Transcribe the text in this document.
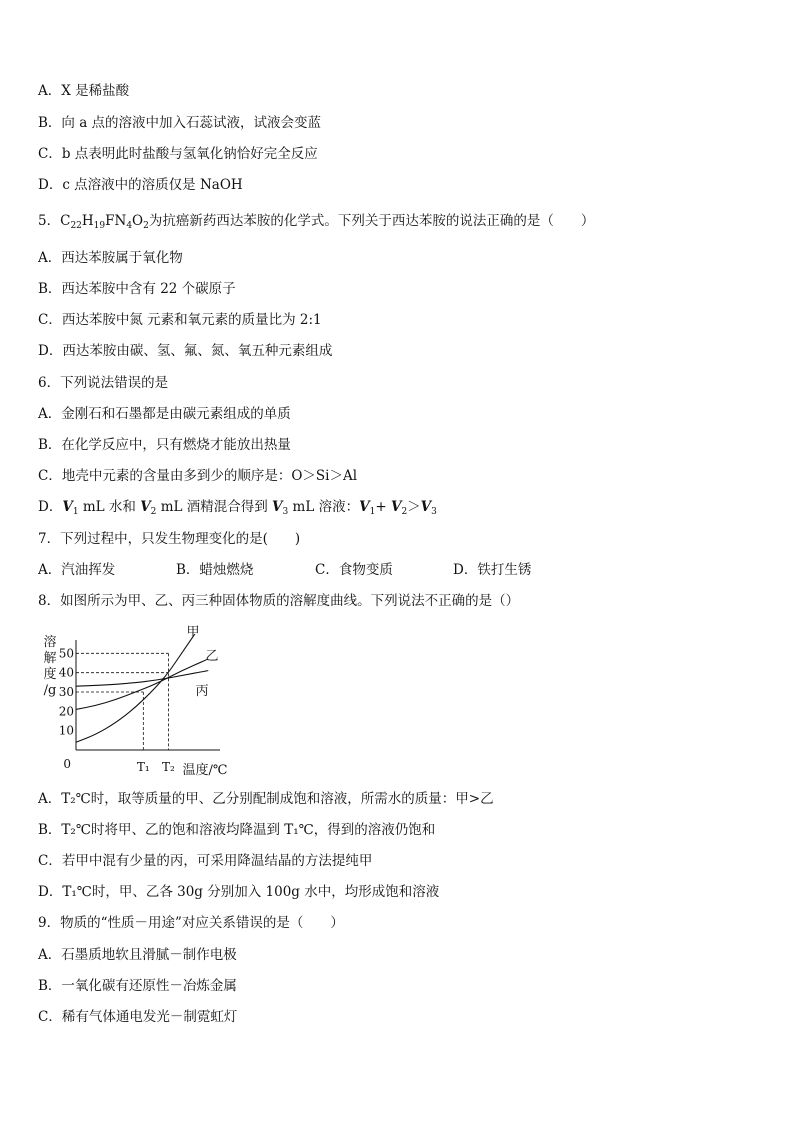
A．X 是稀盐酸
B．向 a 点的溶液中加入石蕊试液，试液会变蓝
C．b 点表明此时盐酸与氢氧化钠恰好完全反应
D．c 点溶液中的溶质仅是 NaOH
5．$C_{22}H_{19}FN_4O_2$为抗癌新药西达苯胺的化学式。下列关于西达苯胺的说法正确的是（　　）
A．西达苯胺属于氧化物
B．西达苯胺中含有 22 个碳原子
C．西达苯胺中氮 元素和氧元素的质量比为 2:1
D．西达苯胺由碳、氢、氟、氮、氧五种元素组成
6．下列说法错误的是
A．金刚石和石墨都是由碳元素组成的单质
B．在化学反应中，只有燃烧才能放出热量
C．地壳中元素的含量由多到少的顺序是：O＞Si＞Al
D．$V_1$ mL 水和 $V_2$ mL 酒精混合得到 $V_3$ mL 溶液：$V_1+ V_2>V_3$
7．下列过程中，只发生物理变化的是(　　)
A．汽油挥发	B．蜡烛燃烧	C．食物变质	D．铁打生锈
8．如图所示为甲、乙、丙三种固体物质的溶解度曲线。下列说法不正确的是（）
溶
解
度
/g
10
20
30
40
50
0	T₁ T₂ 温度/℃
甲
乙
丙
A．T₂℃时，取等质量的甲、乙分别配制成饱和溶液，所需水的质量：甲>乙
B．T₂℃时将甲、乙的饱和溶液均降温到 T₁℃，得到的溶液仍饱和
C．若甲中混有少量的丙，可采用降温结晶的方法提纯甲
D．T₁℃时，甲、乙各 30g 分别加入 100g 水中，均形成饱和溶液
9．物质的“性质－用途”对应关系错误的是（　　）
A．石墨质地软且滑腻－制作电极
B．一氧化碳有还原性－冶炼金属
C．稀有气体通电发光－制霓虹灯
